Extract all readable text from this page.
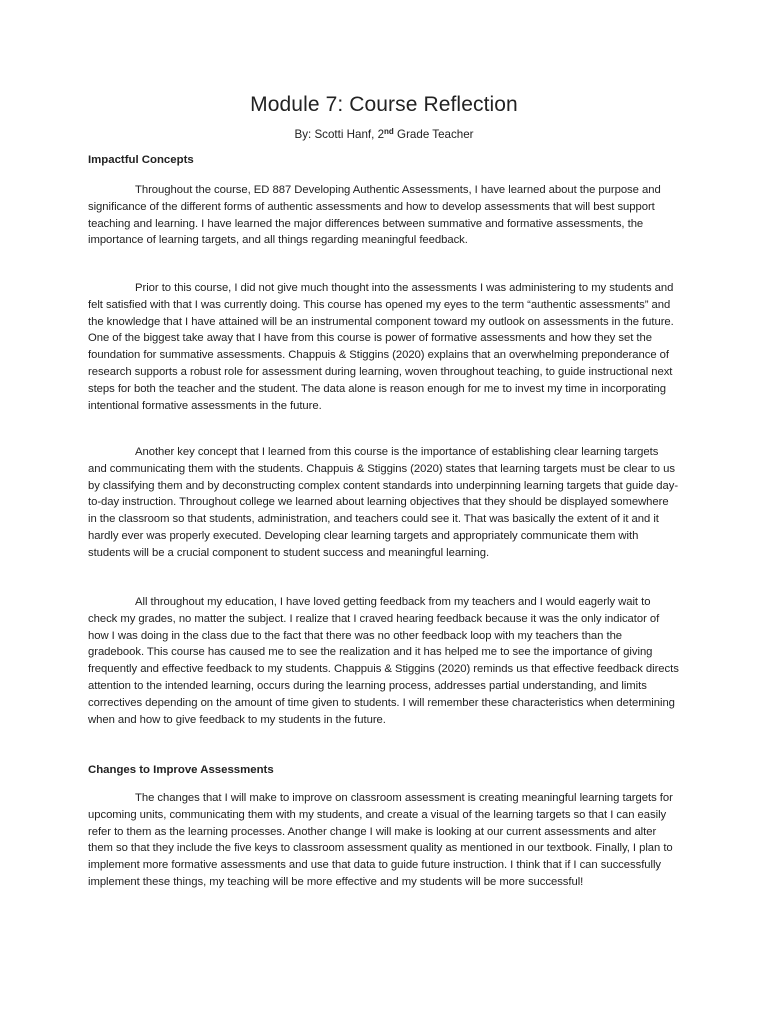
Module 7: Course Reflection
By: Scotti Hanf, 2nd Grade Teacher
Impactful Concepts

Throughout the course, ED 887 Developing Authentic Assessments, I have learned about the purpose and significance of the different forms of authentic assessments and how to develop assessments that will best support teaching and learning. I have learned the major differences between summative and formative assessments, the importance of learning targets, and all things regarding meaningful feedback.

Prior to this course, I did not give much thought into the assessments I was administering to my students and felt satisfied with that I was currently doing. This course has opened my eyes to the term “authentic assessments” and the knowledge that I have attained will be an instrumental component toward my outlook on assessments in the future. One of the biggest take away that I have from this course is power of formative assessments and how they set the foundation for summative assessments. Chappuis & Stiggins (2020) explains that an overwhelming preponderance of research supports a robust role for assessment during learning, woven throughout teaching, to guide instructional next steps for both the teacher and the student. The data alone is reason enough for me to invest my time in incorporating intentional formative assessments in the future.

Another key concept that I learned from this course is the importance of establishing clear learning targets and communicating them with the students. Chappuis & Stiggins (2020) states that learning targets must be clear to us by classifying them and by deconstructing complex content standards into underpinning learning targets that guide day-to-day instruction. Throughout college we learned about learning objectives that they should be displayed somewhere in the classroom so that students, administration, and teachers could see it. That was basically the extent of it and it hardly ever was properly executed. Developing clear learning targets and appropriately communicate them with students will be a crucial component to student success and meaningful learning.

All throughout my education, I have loved getting feedback from my teachers and I would eagerly wait to check my grades, no matter the subject. I realize that I craved hearing feedback because it was the only indicator of how I was doing in the class due to the fact that there was no other feedback loop with my teachers than the gradebook. This course has caused me to see the realization and it has helped me to see the importance of giving frequently and effective feedback to my students. Chappuis & Stiggins (2020) reminds us that effective feedback directs attention to the intended learning, occurs during the learning process, addresses partial understanding, and limits correctives depending on the amount of time given to students. I will remember these characteristics when determining when and how to give feedback to my students in the future.

Changes to Improve Assessments

The changes that I will make to improve on classroom assessment is creating meaningful learning targets for upcoming units, communicating them with my students, and create a visual of the learning targets so that I can easily refer to them as the learning processes. Another change I will make is looking at our current assessments and alter them so that they include the five keys to classroom assessment quality as mentioned in our textbook. Finally, I plan to implement more formative assessments and use that data to guide future instruction. I think that if I can successfully implement these things, my teaching will be more effective and my students will be more successful!
